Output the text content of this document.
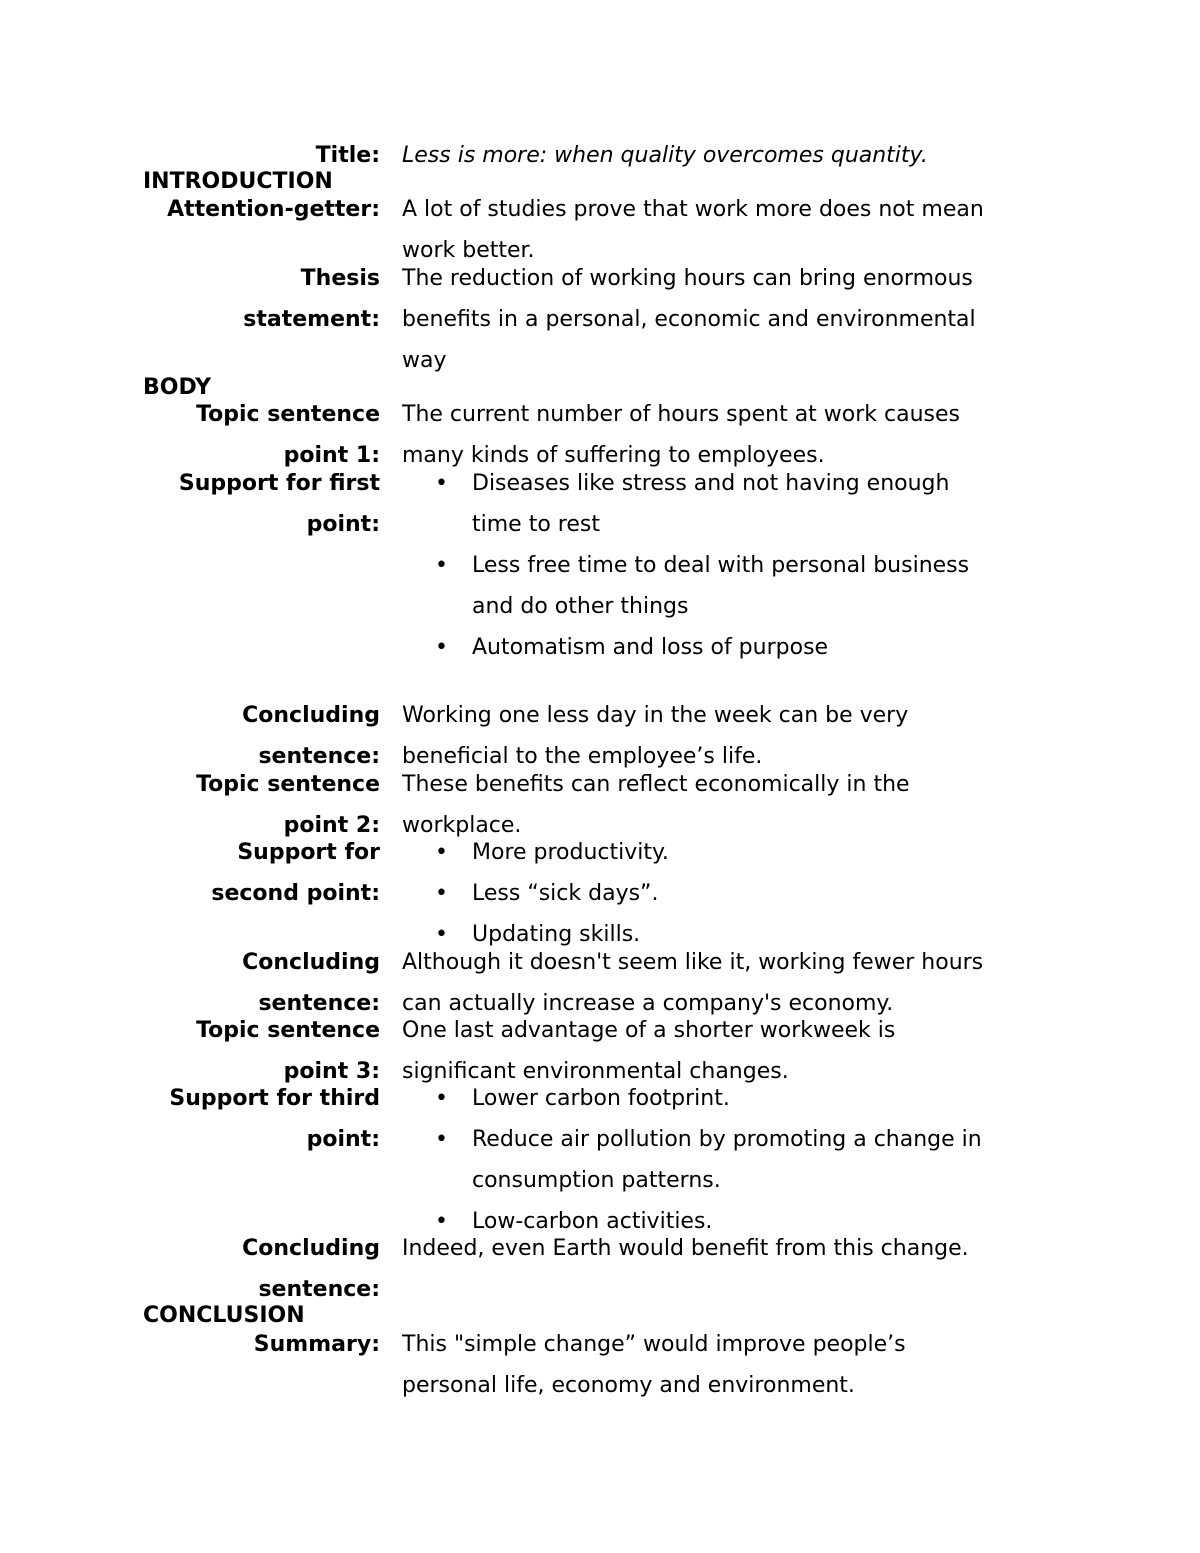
Title: Less is more: when quality overcomes quantity.
INTRODUCTION
Attention-getter: A lot of studies prove that work more does not mean
work better.
Thesis
statement:
The reduction of working hours can bring enormous
benefits in a personal, economic and environmental
way
BODY
Topic sentence
point 1:
The current number of hours spent at work causes
many kinds of suffering to employees.
Support for first
point:
• Diseases like stress and not having enough
time to rest
• Less free time to deal with personal business
and do other things
• Automatism and loss of purpose
Concluding
sentence:
Working one less day in the week can be very
beneficial to the employee’s life.
Topic sentence
point 2:
These benefits can reflect economically in the
workplace.
Support for
second point:
• More productivity.
• Less “sick days”.
• Updating skills.
Concluding
sentence:
Although it doesn't seem like it, working fewer hours
can actually increase a company's economy.
Topic sentence
point 3:
One last advantage of a shorter workweek is
significant environmental changes.
Support for third
point:
• Lower carbon footprint.
• Reduce air pollution by promoting a change in
consumption patterns.
• Low-carbon activities.
Concluding
sentence:
Indeed, even Earth would benefit from this change.
CONCLUSION
Summary: This "simple change” would improve people’s
personal life, economy and environment.
